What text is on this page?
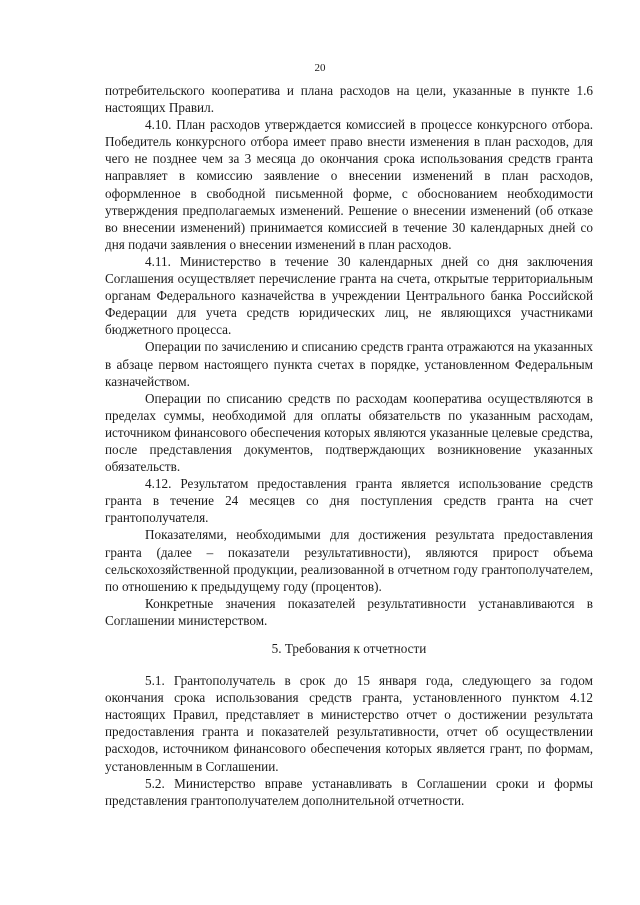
20

потребительского кооператива и плана расходов на цели, указанные в пункте 1.6 настоящих Правил.

4.10. План расходов утверждается комиссией в процессе конкурсного отбора. Победитель конкурсного отбора имеет право внести изменения в план расходов, для чего не позднее чем за 3 месяца до окончания срока использования средств гранта направляет в комиссию заявление о внесении изменений в план расходов, оформленное в свободной письменной форме, с обоснованием необходимости утверждения предполагаемых изменений. Решение о внесении изменений (об отказе во внесении изменений) принимается комиссией в течение 30 календарных дней со дня подачи заявления о внесении изменений в план расходов.

4.11. Министерство в течение 30 календарных дней со дня заключения Соглашения осуществляет перечисление гранта на счета, открытые территориальным органам Федерального казначейства в учреждении Центрального банка Российской Федерации для учета средств юридических лиц, не являющихся участниками бюджетного процесса.

Операции по зачислению и списанию средств гранта отражаются на указанных в абзаце первом настоящего пункта счетах в порядке, установленном Федеральным казначейством.

Операции по списанию средств по расходам кооператива осуществляются в пределах суммы, необходимой для оплаты обязательств по указанным расходам, источником финансового обеспечения которых являются указанные целевые средства, после представления документов, подтверждающих возникновение указанных обязательств.

4.12. Результатом предоставления гранта является использование средств гранта в течение 24 месяцев со дня поступления средств гранта на счет грантополучателя.

Показателями, необходимыми для достижения результата предоставления гранта (далее – показатели результативности), являются прирост объема сельскохозяйственной продукции, реализованной в отчетном году грантополучателем, по отношению к предыдущему году (процентов).

Конкретные значения показателей результативности устанавливаются в Соглашении министерством.

5. Требования к отчетности

5.1. Грантополучатель в срок до 15 января года, следующего за годом окончания срока использования средств гранта, установленного пунктом 4.12 настоящих Правил, представляет в министерство отчет о достижении результата предоставления гранта и показателей результативности, отчет об осуществлении расходов, источником финансового обеспечения которых является грант, по формам, установленным в Соглашении.

5.2. Министерство вправе устанавливать в Соглашении сроки и формы представления грантополучателем дополнительной отчетности.
